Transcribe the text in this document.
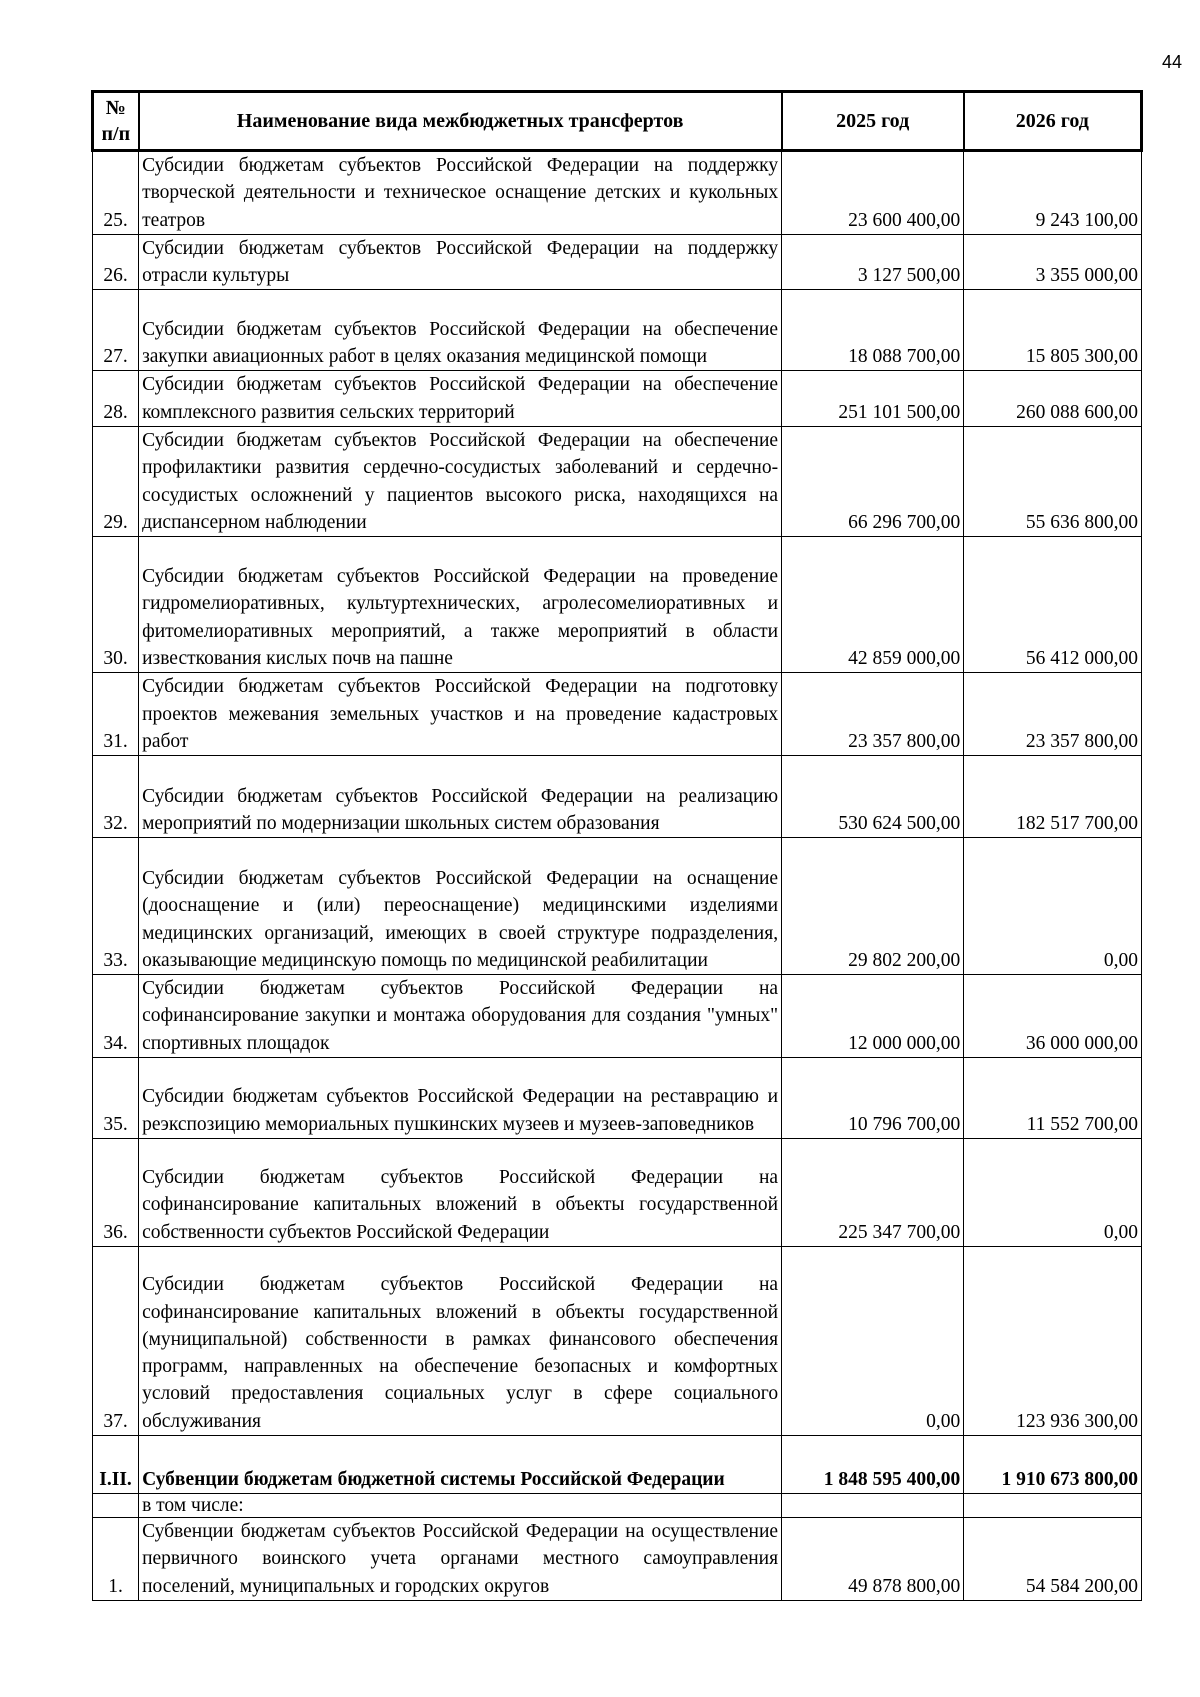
44
№ п/п	Наименование вида межбюджетных трансфертов	2025 год	2026 год
25.	Субсидии бюджетам субъектов Российской Федерации на поддержку творческой деятельности и техническое оснащение детских и кукольных театров	23 600 400,00	9 243 100,00
26.	Субсидии бюджетам субъектов Российской Федерации на поддержку отрасли культуры	3 127 500,00	3 355 000,00
27.	Субсидии бюджетам субъектов Российской Федерации на обеспечение закупки авиационных работ в целях оказания медицинской помощи	18 088 700,00	15 805 300,00
28.	Субсидии бюджетам субъектов Российской Федерации на обеспечение комплексного развития сельских территорий	251 101 500,00	260 088 600,00
29.	Субсидии бюджетам субъектов Российской Федерации на обеспечение профилактики развития сердечно-сосудистых заболеваний и сердечно-сосудистых осложнений у пациентов высокого риска, находящихся на диспансерном наблюдении	66 296 700,00	55 636 800,00
30.	Субсидии бюджетам субъектов Российской Федерации на проведение гидромелиоративных, культуртехнических, агролесомелиоративных и фитомелиоративных мероприятий, а также мероприятий в области известкования кислых почв на пашне	42 859 000,00	56 412 000,00
31.	Субсидии бюджетам субъектов Российской Федерации на подготовку проектов межевания земельных участков и на проведение кадастровых работ	23 357 800,00	23 357 800,00
32.	Субсидии бюджетам субъектов Российской Федерации на реализацию мероприятий по модернизации школьных систем образования	530 624 500,00	182 517 700,00
33.	Субсидии бюджетам субъектов Российской Федерации на оснащение (дооснащение и (или) переоснащение) медицинскими изделиями медицинских организаций, имеющих в своей структуре подразделения, оказывающие медицинскую помощь по медицинской реабилитации	29 802 200,00	0,00
34.	Субсидии бюджетам субъектов Российской Федерации на софинансирование закупки и монтажа оборудования для создания "умных" спортивных площадок	12 000 000,00	36 000 000,00
35.	Субсидии бюджетам субъектов Российской Федерации на реставрацию и реэкспозицию мемориальных пушкинских музеев и музеев-заповедников	10 796 700,00	11 552 700,00
36.	Субсидии бюджетам субъектов Российской Федерации на софинансирование капитальных вложений в объекты государственной собственности субъектов Российской Федерации	225 347 700,00	0,00
37.	Субсидии бюджетам субъектов Российской Федерации на софинансирование капитальных вложений в объекты государственной (муниципальной) собственности в рамках финансового обеспечения программ, направленных на обеспечение безопасных и комфортных условий предоставления социальных услуг в сфере социального обслуживания	0,00	123 936 300,00
I.II.	Субвенции бюджетам бюджетной системы Российской Федерации	1 848 595 400,00	1 910 673 800,00
	в том числе:		
1.	Субвенции бюджетам субъектов Российской Федерации на осуществление первичного воинского учета органами местного самоуправления поселений, муниципальных и городских округов	49 878 800,00	54 584 200,00
